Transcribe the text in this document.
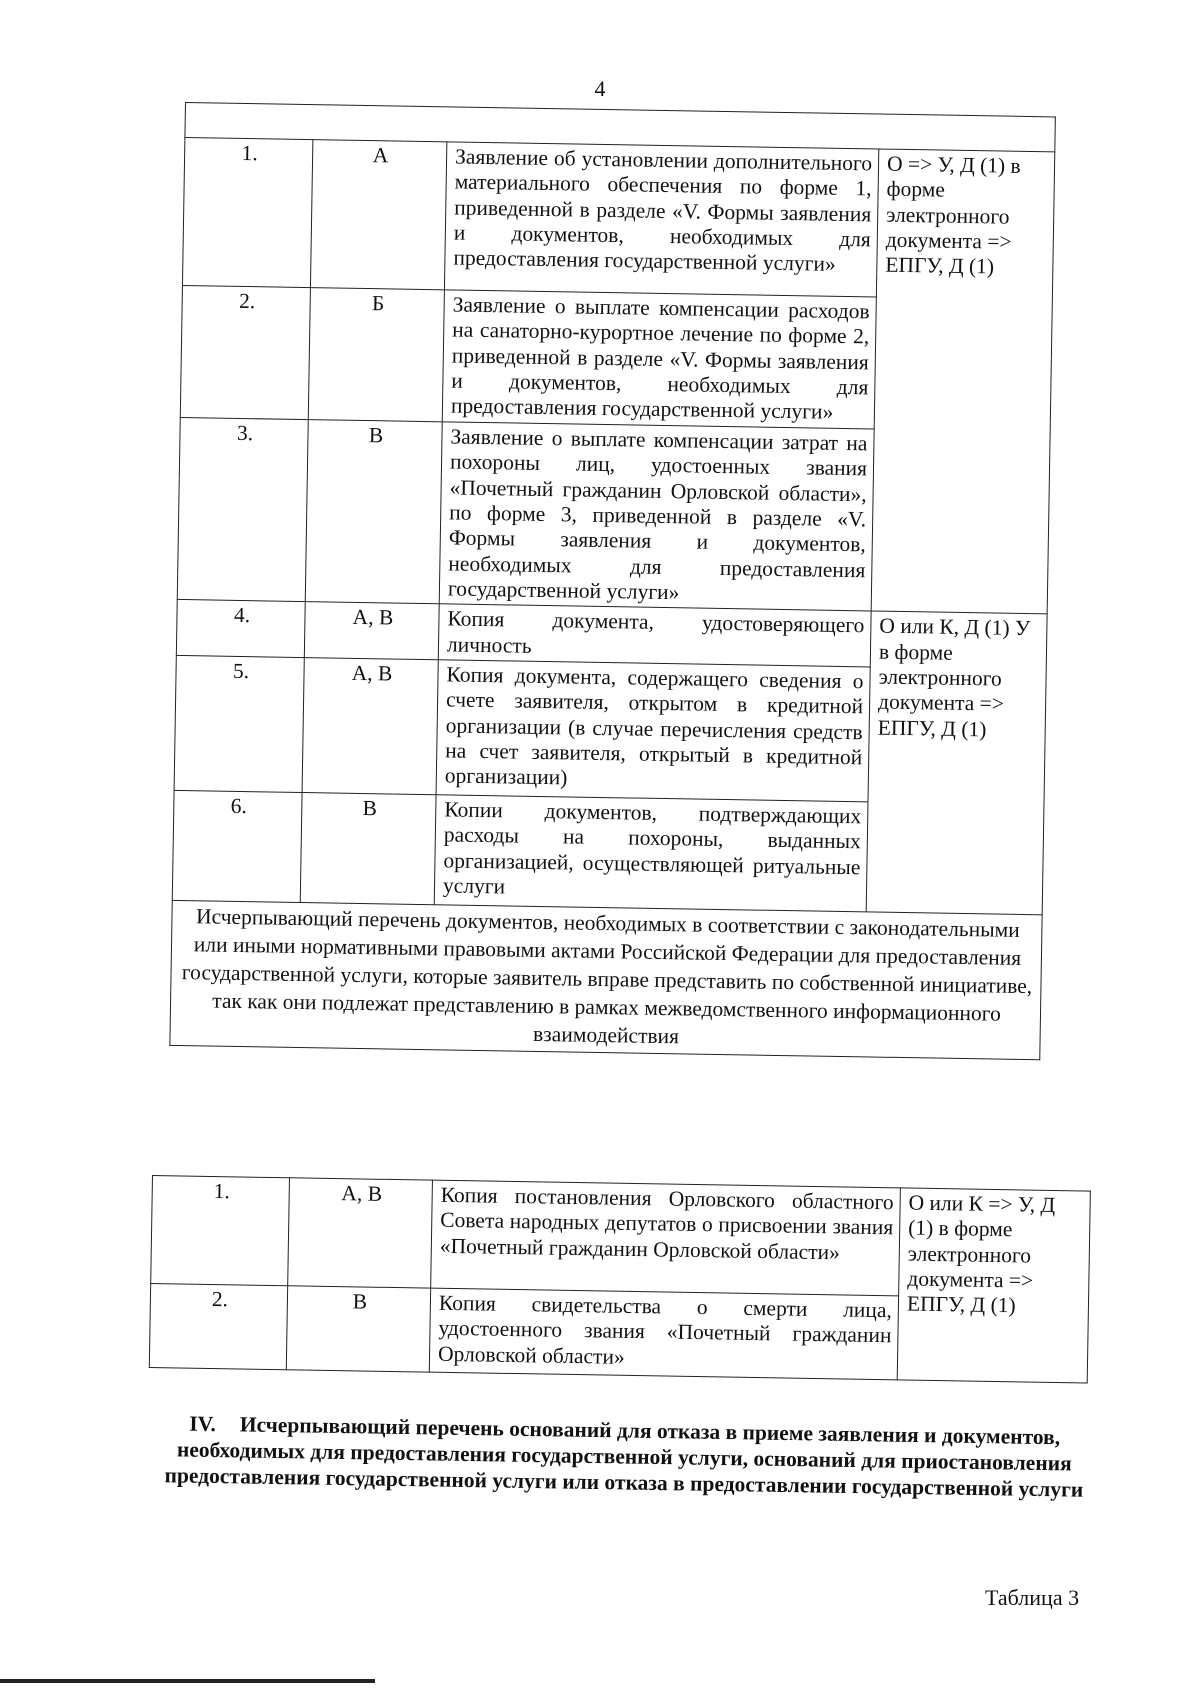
4

1.	А	Заявление об установлении дополнительного материального обеспечения по форме 1, приведенной в разделе «V. Формы заявления и документов, необходимых для предоставления государственной услуги»	О => У, Д (1) в форме электронного документа => ЕПГУ, Д (1)
2.	Б	Заявление о выплате компенсации расходов на санаторно-курортное лечение по форме 2, приведенной в разделе «V. Формы заявления и документов, необходимых для предоставления государственной услуги»	
3.	В	Заявление о выплате компенсации затрат на похороны лиц, удостоенных звания «Почетный гражданин Орловской области», по форме 3, приведенной в разделе «V. Формы заявления и документов, необходимых для предоставления государственной услуги»	
4.	А, В	Копия документа, удостоверяющего личность	О или К, Д (1) У в форме электронного документа => ЕПГУ, Д (1)
5.	А, В	Копия документа, содержащего сведения о счете заявителя, открытом в кредитной организации (в случае перечисления средств на счет заявителя, открытый в кредитной организации)	
6.	В	Копии документов, подтверждающих расходы на похороны, выданных организацией, осуществляющей ритуальные услуги	
Исчерпывающий перечень документов, необходимых в соответствии с законодательными или иными нормативными правовыми актами Российской Федерации для предоставления государственной услуги, которые заявитель вправе представить по собственной инициативе, так как они подлежат представлению в рамках межведомственного информационного взаимодействия			
1.	А, В	Копия постановления Орловского областного Совета народных депутатов о присвоении звания «Почетный гражданин Орловской области»	О или К => У, Д (1) в форме электронного документа => ЕПГУ, Д (1)
2.	В	Копия свидетельства о смерти лица, удостоенного звания «Почетный гражданин Орловской области»	
IV. Исчерпывающий перечень оснований для отказа в приеме заявления и документов, необходимых для предоставления государственной услуги, оснований для приостановления предоставления государственной услуги или отказа в предоставлении государственной услуги
Таблица 3
